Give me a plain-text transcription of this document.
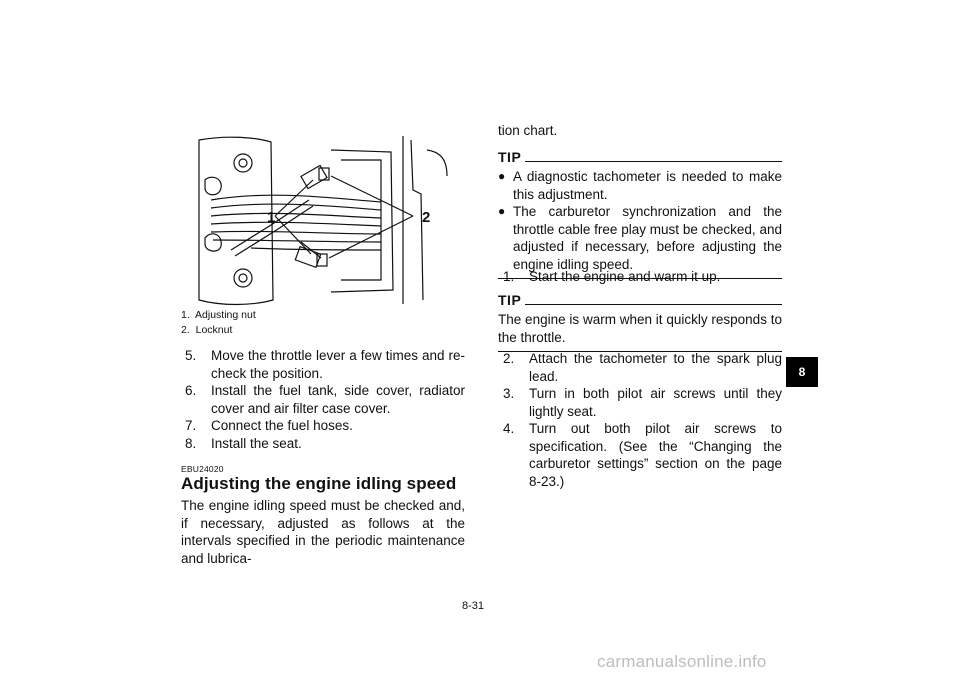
1	2
1. Adjusting nut
2. Locknut
5.	Move the throttle lever a few times and re-check the position.
6.	Install the fuel tank, side cover, radiator cover and air filter case cover.
7.	Connect the fuel hoses.
8.	Install the seat.
EBU24020
Adjusting the engine idling speed
The engine idling speed must be checked and, if necessary, adjusted as follows at the intervals specified in the periodic maintenance and lubrica-
tion chart.
TIP
● A diagnostic tachometer is needed to make this adjustment.
● The carburetor synchronization and the throttle cable free play must be checked, and adjusted if necessary, before adjusting the engine idling speed.
1.	Start the engine and warm it up.
TIP
The engine is warm when it quickly responds to the throttle.
2.	Attach the tachometer to the spark plug lead.
3.	Turn in both pilot air screws until they lightly seat.
4.	Turn out both pilot air screws to specification. (See the “Changing the carburetor settings” section on the page 8-23.)
8
8-31
carmanualsonline.info
